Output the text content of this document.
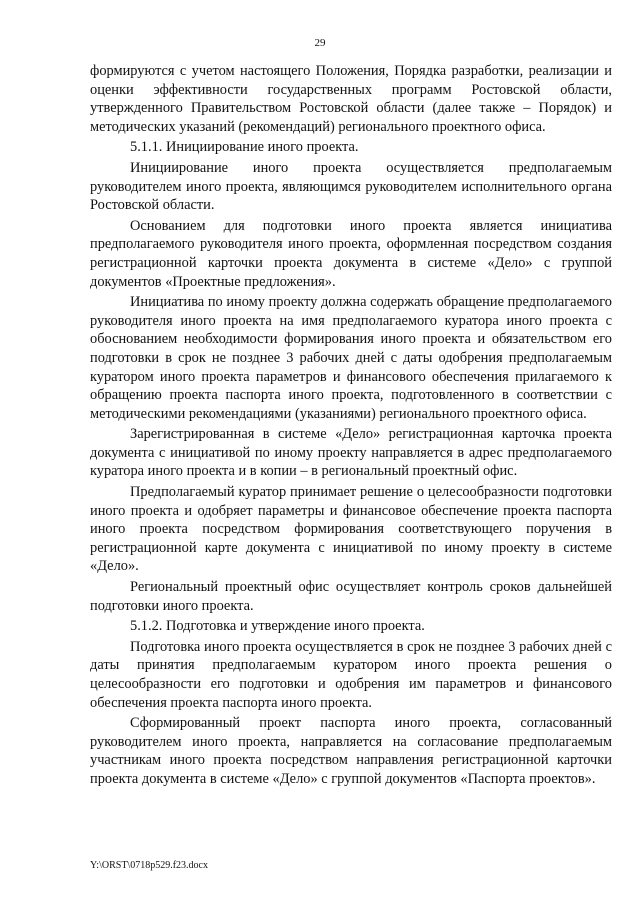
29

формируются с учетом настоящего Положения, Порядка разработки, реализации и оценки эффективности государственных программ Ростовской области, утвержденного Правительством Ростовской области (далее также – Порядок) и методических указаний (рекомендаций) регионального проектного офиса.

5.1.1. Инициирование иного проекта.

Инициирование иного проекта осуществляется предполагаемым руководителем иного проекта, являющимся руководителем исполнительного органа Ростовской области.

Основанием для подготовки иного проекта является инициатива предполагаемого руководителя иного проекта, оформленная посредством создания регистрационной карточки проекта документа в системе «Дело» с группой документов «Проектные предложения».

Инициатива по иному проекту должна содержать обращение предполагаемого руководителя иного проекта на имя предполагаемого куратора иного проекта с обоснованием необходимости формирования иного проекта и обязательством его подготовки в срок не позднее 3 рабочих дней с даты одобрения предполагаемым куратором иного проекта параметров и финансового обеспечения прилагаемого к обращению проекта паспорта иного проекта, подготовленного в соответствии с методическими рекомендациями (указаниями) регионального проектного офиса.

Зарегистрированная в системе «Дело» регистрационная карточка проекта документа с инициативой по иному проекту направляется в адрес предполагаемого куратора иного проекта и в копии – в региональный проектный офис.

Предполагаемый куратор принимает решение о целесообразности подготовки иного проекта и одобряет параметры и финансовое обеспечение проекта паспорта иного проекта посредством формирования соответствующего поручения в регистрационной карте документа с инициативой по иному проекту в системе «Дело».

Региональный проектный офис осуществляет контроль сроков дальнейшей подготовки иного проекта.

5.1.2. Подготовка и утверждение иного проекта.

Подготовка иного проекта осуществляется в срок не позднее 3 рабочих дней с даты принятия предполагаемым куратором иного проекта решения о целесообразности его подготовки и одобрения им параметров и финансового обеспечения проекта паспорта иного проекта.

Сформированный проект паспорта иного проекта, согласованный руководителем иного проекта, направляется на согласование предполагаемым участникам иного проекта посредством направления регистрационной карточки проекта документа в системе «Дело» с группой документов «Паспорта проектов».

Y:\ORST\0718p529.f23.docx
